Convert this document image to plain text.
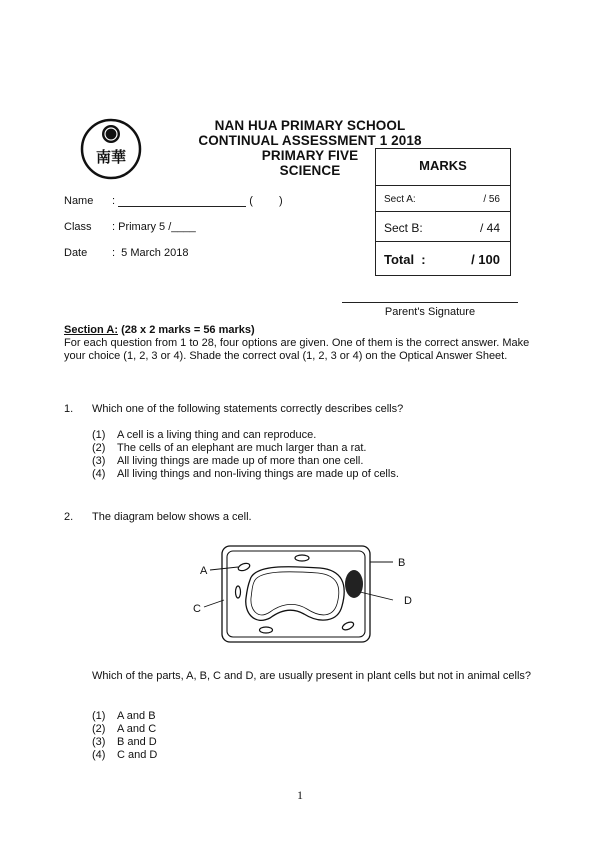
南華
NAN HUA PRIMARY SCHOOL
CONTINUAL ASSESSMENT 1 2018
PRIMARY FIVE
SCIENCE	MARKS
Sect A:	/ 56
Sect B:	/ 44
Total  :	/ 100
Name :	( )
Class : Primary 5 /____
Date :  5 March 2018
Parent's Signature
Section A: (28 x 2 marks = 56 marks)
For each question from 1 to 28, four options are given. One of them is the correct answer. Make your choice (1, 2, 3 or 4). Shade the correct oval (1, 2, 3 or 4) on the Optical Answer Sheet.
1. Which one of the following statements correctly describes cells?
(1) A cell is a living thing and can reproduce.
(2) The cells of an elephant are much larger than a rat.
(3) All living things are made up of more than one cell.
(4) All living things and non-living things are made up of cells.
2. The diagram below shows a cell.
A
C
B
D
Which of the parts, A, B, C and D, are usually present in plant cells but not in animal cells?
(1) A and B
(2) A and C
(3) B and D
(4) C and D
1
